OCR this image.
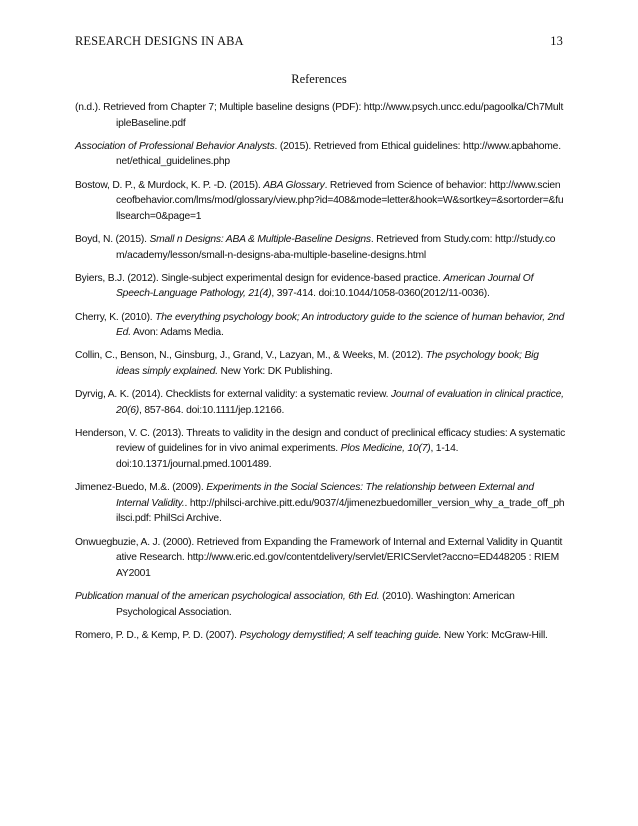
RESEARCH DESIGNS IN ABA	13
References

(n.d.). Retrieved from Chapter 7; Multiple baseline designs (PDF): http://www.psych.uncc.edu/pagoolka/Ch7MultipleBaseline.pdf

Association of Professional Behavior Analysts. (2015). Retrieved from Ethical guidelines: http://www.apbahome.net/ethical_guidelines.php

Bostow, D. P., & Murdock, K. P. -D. (2015). ABA Glossary. Retrieved from Science of behavior: http://www.scienceofbehavior.com/lms/mod/glossary/view.php?id=408&mode=letter&hook=W&sortkey=&sortorder=&fullsearch=0&page=1

Boyd, N. (2015). Small n Designs: ABA & Multiple-Baseline Designs. Retrieved from Study.com: http://study.com/academy/lesson/small-n-designs-aba-multiple-baseline-designs.html

Byiers, B.J. (2012). Single-subject experimental design for evidence-based practice. American Journal Of Speech-Language Pathology, 21(4), 397-414. doi:10.1044/1058-0360(2012/11-0036).

Cherry, K. (2010). The everything psychology book; An introductory guide to the science of human behavior, 2nd Ed. Avon: Adams Media.

Collin, C., Benson, N., Ginsburg, J., Grand, V., Lazyan, M., & Weeks, M. (2012). The psychology book; Big ideas simply explained. New York: DK Publishing.

Dyrvig, A. K. (2014). Checklists for external validity: a systematic review. Journal of evaluation in clinical practice, 20(6), 857-864. doi:10.1111/jep.12166.

Henderson, V. C. (2013). Threats to validity in the design and conduct of preclinical efficacy studies: A systematic review of guidelines for in vivo animal experiments. Plos Medicine, 10(7), 1-14. doi:10.1371/journal.pmed.1001489.

Jimenez-Buedo, M.&. (2009). Experiments in the Social Sciences: The relationship between External and Internal Validity.. http://philsci-archive.pitt.edu/9037/4/jimenezbuedomiller_version_why_a_trade_off_philsci.pdf: PhilSci Archive.

Onwuegbuzie, A. J. (2000). Retrieved from Expanding the Framework of Internal and External Validity in Quantitative Research. http://www.eric.ed.gov/contentdelivery/servlet/ERICServlet?accno=ED448205 : RIEMAY2001

Publication manual of the american psychological association, 6th Ed. (2010). Washington: American Psychological Association.

Romero, P. D., & Kemp, P. D. (2007). Psychology demystified; A self teaching guide. New York: McGraw-Hill.
